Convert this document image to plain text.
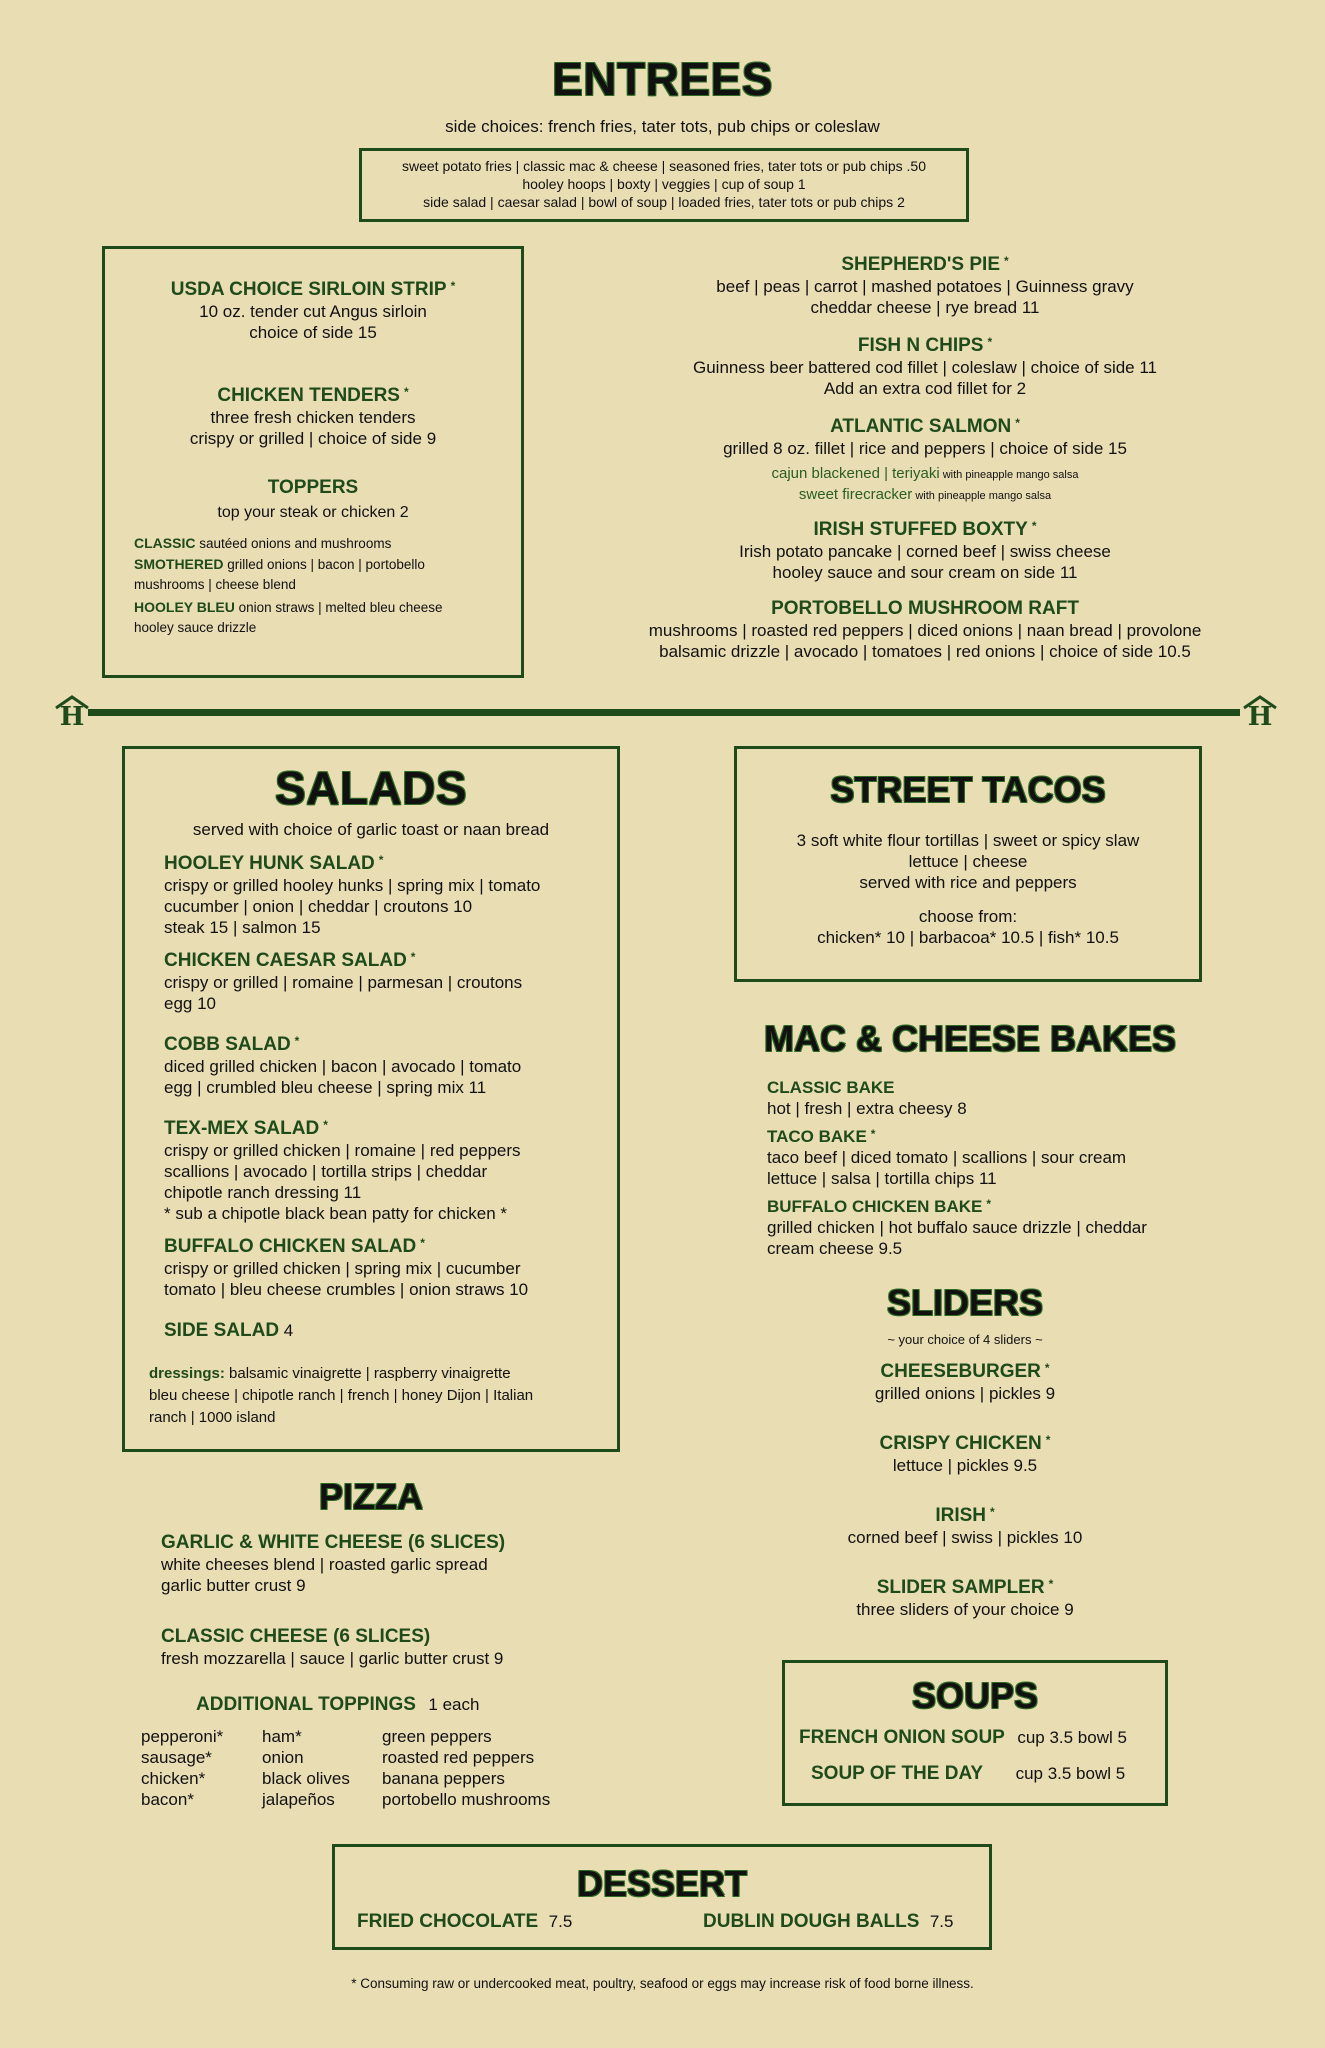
ENTREES
side choices: french fries, tater tots, pub chips or coleslaw
sweet potato fries | classic mac & cheese | seasoned fries, tater tots or pub chips .50
hooley hoops | boxty | veggies | cup of soup 1
side salad | caesar salad | bowl of soup | loaded fries, tater tots or pub chips 2
USDA CHOICE SIRLOIN STRIP *
10 oz. tender cut Angus sirloin
choice of side 15
CHICKEN TENDERS *
three fresh chicken tenders
crispy or grilled | choice of side 9
TOPPERS
top your steak or chicken 2
CLASSIC sautéed onions and mushrooms
SMOTHERED grilled onions | bacon | portobello
mushrooms | cheese blend
HOOLEY BLEU onion straws | melted bleu cheese
hooley sauce drizzle
SHEPHERD'S PIE *
beef | peas | carrot | mashed potatoes | Guinness gravy
cheddar cheese | rye bread 11
FISH N CHIPS *
Guinness beer battered cod fillet | coleslaw | choice of side 11
Add an extra cod fillet for 2
ATLANTIC SALMON *
grilled 8 oz. fillet | rice and peppers | choice of side 15
cajun blackened | teriyaki with pineapple mango salsa
sweet firecracker with pineapple mango salsa
IRISH STUFFED BOXTY *
Irish potato pancake | corned beef | swiss cheese
hooley sauce and sour cream on side 11
PORTOBELLO MUSHROOM RAFT
mushrooms | roasted red peppers | diced onions | naan bread | provolone
balsamic drizzle | avocado | tomatoes | red onions | choice of side 10.5
H	H
SALADS
served with choice of garlic toast or naan bread
HOOLEY HUNK SALAD *
crispy or grilled hooley hunks | spring mix | tomato
cucumber | onion | cheddar | croutons 10
steak 15 | salmon 15
CHICKEN CAESAR SALAD *
crispy or grilled | romaine | parmesan | croutons
egg 10
COBB SALAD *
diced grilled chicken | bacon | avocado | tomato
egg | crumbled bleu cheese | spring mix 11
TEX-MEX SALAD *
crispy or grilled chicken | romaine | red peppers
scallions | avocado | tortilla strips | cheddar
chipotle ranch dressing 11
* sub a chipotle black bean patty for chicken *
BUFFALO CHICKEN SALAD *
crispy or grilled chicken | spring mix | cucumber
tomato | bleu cheese crumbles | onion straws 10
SIDE SALAD 4
dressings: balsamic vinaigrette | raspberry vinaigrette
bleu cheese | chipotle ranch | french | honey Dijon | Italian
ranch | 1000 island
STREET TACOS
3 soft white flour tortillas | sweet or spicy slaw
lettuce | cheese
served with rice and peppers
choose from:
chicken* 10 | barbacoa* 10.5 | fish* 10.5
MAC & CHEESE BAKES
CLASSIC BAKE
hot | fresh | extra cheesy 8
TACO BAKE *
taco beef | diced tomato | scallions | sour cream
lettuce | salsa | tortilla chips 11
BUFFALO CHICKEN BAKE *
grilled chicken | hot buffalo sauce drizzle | cheddar
cream cheese 9.5
SLIDERS
~ your choice of 4 sliders ~
CHEESEBURGER *
grilled onions | pickles 9
CRISPY CHICKEN *
lettuce | pickles 9.5
IRISH *
corned beef | swiss | pickles 10
SLIDER SAMPLER *
three sliders of your choice 9
PIZZA
GARLIC & WHITE CHEESE (6 SLICES)
white cheeses blend | roasted garlic spread
garlic butter crust 9
CLASSIC CHEESE (6 SLICES)
fresh mozzarella | sauce | garlic butter crust 9
ADDITIONAL TOPPINGS 1 each
pepperoni*
sausage*
chicken*
bacon*
ham*
onion
black olives
jalapeños
green peppers
roasted red peppers
banana peppers
portobello mushrooms
SOUPS
FRENCH ONION SOUP cup 3.5 bowl 5
SOUP OF THE DAY cup 3.5 bowl 5
DESSERT
FRIED CHOCOLATE 7.5	DUBLIN DOUGH BALLS 7.5
* Consuming raw or undercooked meat, poultry, seafood or eggs may increase risk of food borne illness.
